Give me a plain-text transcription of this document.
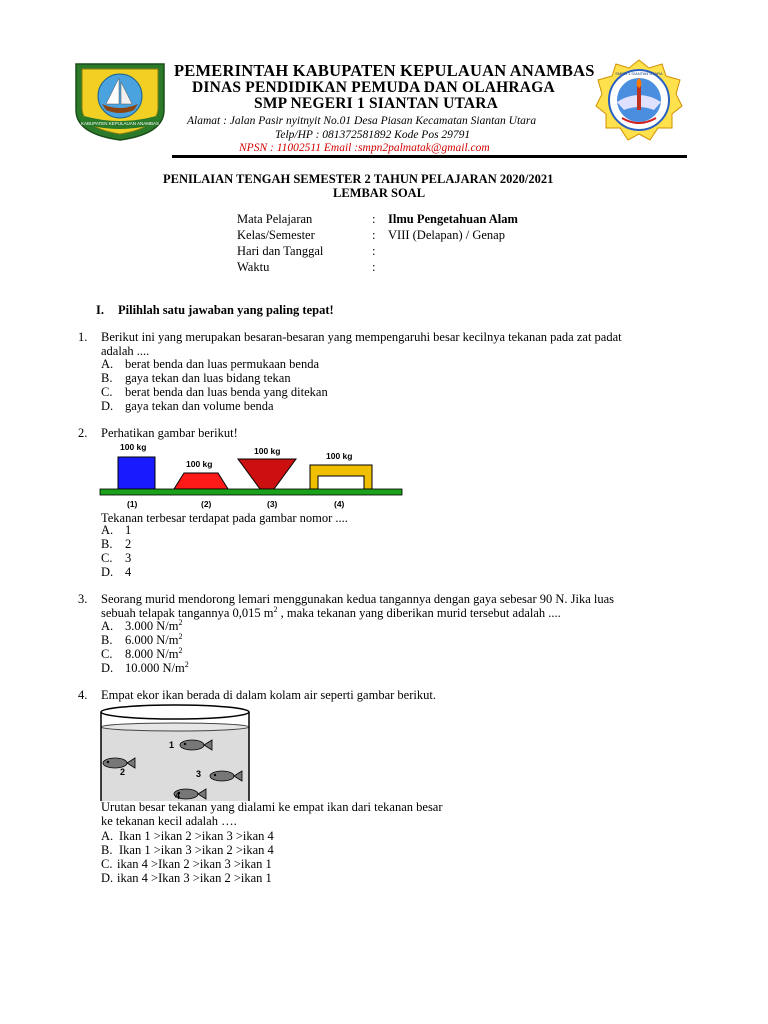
KABUPATEN KEPULAUAN ANAMBAS
SMPN 1 SIANTAN UTARA
PEMERINTAH KABUPATEN KEPULAUAN ANAMBAS
DINAS PENDIDIKAN PEMUDA DAN OLAHRAGA
SMP NEGERI 1 SIANTAN UTARA
Alamat : Jalan Pasir nyitnyit No.01 Desa Piasan Kecamatan Siantan Utara
Telp/HP : 081372581892 Kode Pos 29791
NPSN : 11002511 Email :smpn2palmatak@gmail.com
PENILAIAN TENGAH SEMESTER 2 TAHUN PELAJARAN 2020/2021
LEMBAR SOAL
Mata Pelajaran	: Ilmu Pengetahuan Alam
Kelas/Semester	: VIII (Delapan) / Genap
Hari dan Tanggal	:
Waktu	:
I. Pilihlah satu jawaban yang paling tepat!
1. Berikut ini yang merupakan besaran-besaran yang mempengaruhi besar kecilnya tekanan pada zat padat
adalah ....
A. berat benda dan luas permukaan benda
B. gaya tekan dan luas bidang tekan
C. berat benda dan luas benda yang ditekan
D. gaya tekan dan volume benda
2. Perhatikan gambar berikut!
100 kg
100 kg
100 kg	100 kg
(1)	(2)	(3)	(4)
Tekanan terbesar terdapat pada gambar nomor ....
A. 1
B. 2
C. 3
D. 4
3. Seorang murid mendorong lemari menggunakan kedua tangannya dengan gaya sebesar 90 N. Jika luas
sebuah telapak tangannya 0,015 $m^2$ , maka tekanan yang diberikan murid tersebut adalah ....
A. 3.000 $N/m^2$
B. 6.000 $N/m^2$
C. 8.000 $N/m^2$
D. 10.000 $N/m^2$
4. Empat ekor ikan berada di dalam kolam air seperti gambar berikut.
1
2	3
4
Urutan besar tekanan yang dialami ke empat ikan dari tekanan besar
ke tekanan kecil adalah ….
A. Ikan 1 >ikan 2 >ikan 3 >ikan 4
B. Ikan 1 >ikan 3 >ikan 2 >ikan 4
C. ikan 4 >Ikan 2 >ikan 3 >ikan 1
D. ikan 4 >Ikan 3 >ikan 2 >ikan 1
